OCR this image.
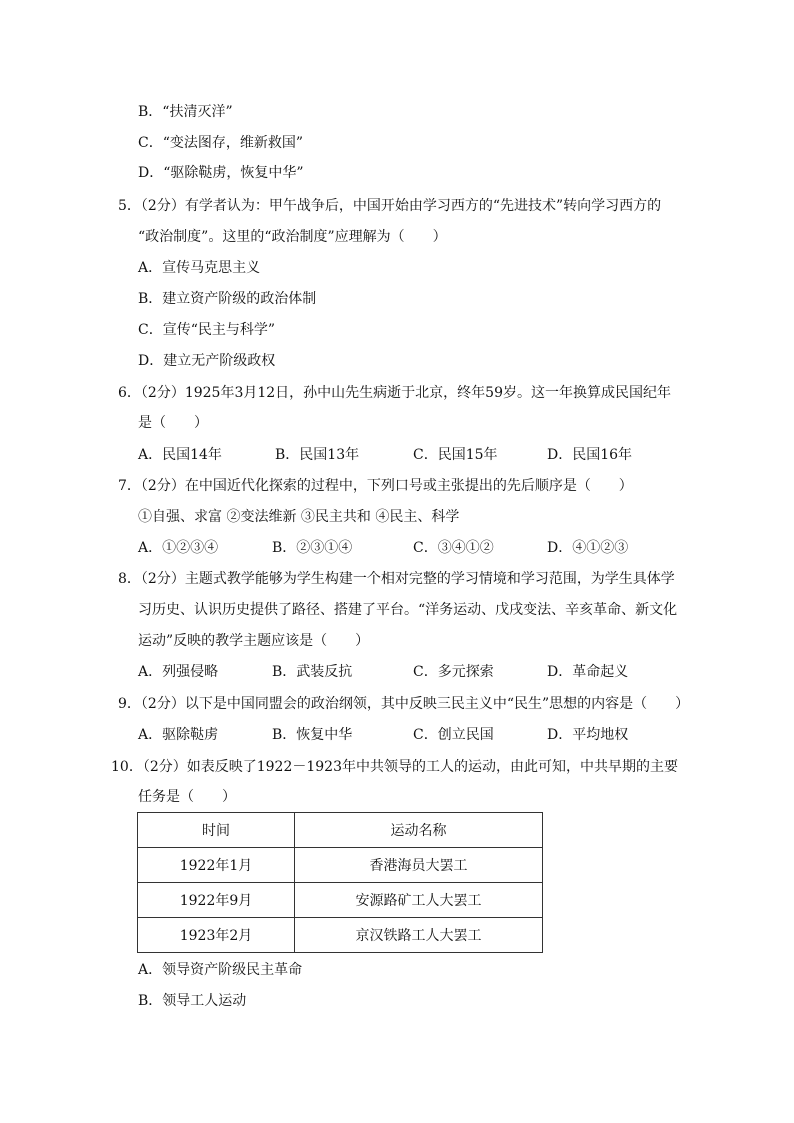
B．“扶清灭洋”
C．“变法图存，维新救国”
D．“驱除鞑虏，恢复中华”
5．（2分）有学者认为：甲午战争后，中国开始由学习西方的“先进技术”转向学习西方的
“政治制度”。这里的“政治制度”应理解为（　　）
A．宣传马克思主义
B．建立资产阶级的政治体制
C．宣传“民主与科学”
D．建立无产阶级政权
6．（2分）1925年3月12日，孙中山先生病逝于北京，终年59岁。这一年换算成民国纪年
是（　　）
A．民国14年	B．民国13年	C．民国15年	D．民国16年
7．（2分）在中国近代化探索的过程中，下列口号或主张提出的先后顺序是（　　）
①自强、求富 ②变法维新 ③民主共和 ④民主、科学
A．①②③④	B．②③①④	C．③④①②	D．④①②③
8．（2分）主题式教学能够为学生构建一个相对完整的学习情境和学习范围，为学生具体学
习历史、认识历史提供了路径、搭建了平台。“洋务运动、戊戌变法、辛亥革命、新文化
运动”反映的教学主题应该是（　　）
A．列强侵略	B．武装反抗	C．多元探索	D．革命起义
9．（2分）以下是中国同盟会的政治纲领，其中反映三民主义中“民生”思想的内容是（　　）
A．驱除鞑虏	B．恢复中华	C．创立民国	D．平均地权
10．（2分）如表反映了1922－1923年中共领导的工人的运动，由此可知，中共早期的主要
任务是（　　）
时间	运动名称
1922年1月	香港海员大罢工
1922年9月	安源路矿工人大罢工
1923年2月	京汉铁路工人大罢工
A．领导资产阶级民主革命
B．领导工人运动
